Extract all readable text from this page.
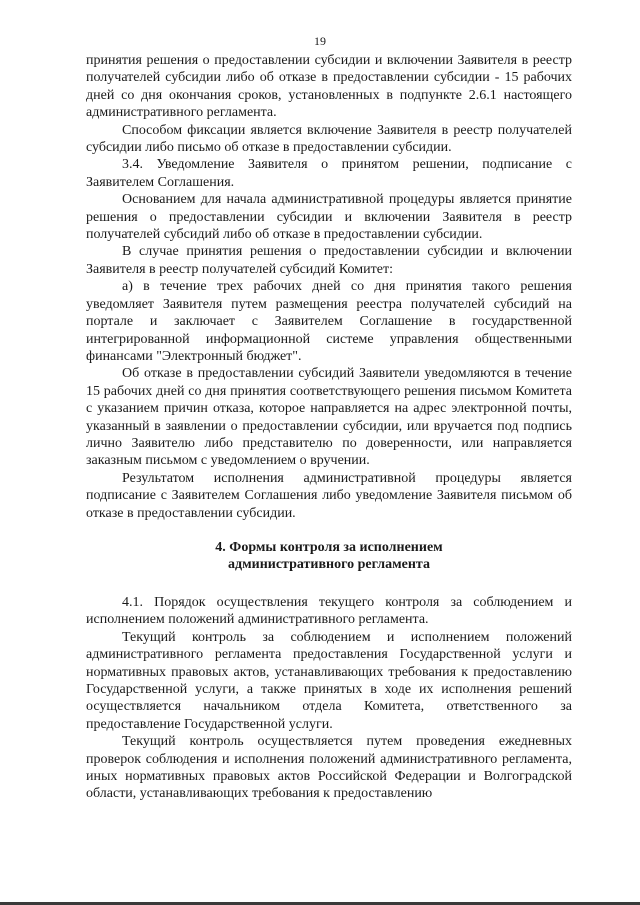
19

принятия решения о предоставлении субсидии и включении Заявителя в реестр получателей субсидии либо об отказе в предоставлении субсидии - 15 рабочих дней со дня окончания сроков, установленных в подпункте 2.6.1 настоящего административного регламента.

Способом фиксации является включение Заявителя в реестр получателей субсидии либо письмо об отказе в предоставлении субсидии.

3.4. Уведомление Заявителя о принятом решении, подписание с Заявителем Соглашения.

Основанием для начала административной процедуры является принятие решения о предоставлении субсидии и включении Заявителя в реестр получателей субсидий либо об отказе в предоставлении субсидии.

В случае принятия решения о предоставлении субсидии и включении Заявителя в реестр получателей субсидий Комитет:

а) в течение трех рабочих дней со дня принятия такого решения уведомляет Заявителя путем размещения реестра получателей субсидий на портале и заключает с Заявителем Соглашение в государственной интегрированной информационной системе управления общественными финансами "Электронный бюджет".

Об отказе в предоставлении субсидий Заявители уведомляются в течение 15 рабочих дней со дня принятия соответствующего решения письмом Комитета с указанием причин отказа, которое направляется на адрес электронной почты, указанный в заявлении о предоставлении субсидии, или вручается под подпись лично Заявителю либо представителю по доверенности, или направляется заказным письмом с уведомлением о вручении.

Результатом исполнения административной процедуры является подписание с Заявителем Соглашения либо уведомление Заявителя письмом об отказе в предоставлении субсидии.

4. Формы контроля за исполнением
административного регламента

4.1. Порядок осуществления текущего контроля за соблюдением и исполнением положений административного регламента.

Текущий контроль за соблюдением и исполнением положений административного регламента предоставления Государственной услуги и нормативных правовых актов, устанавливающих требования к предоставлению Государственной услуги, а также принятых в ходе их исполнения решений осуществляется начальником отдела Комитета, ответственного за предоставление Государственной услуги.

Текущий контроль осуществляется путем проведения ежедневных проверок соблюдения и исполнения положений административного регламента, иных нормативных правовых актов Российской Федерации и Волгоградской области, устанавливающих требования к предоставлению
